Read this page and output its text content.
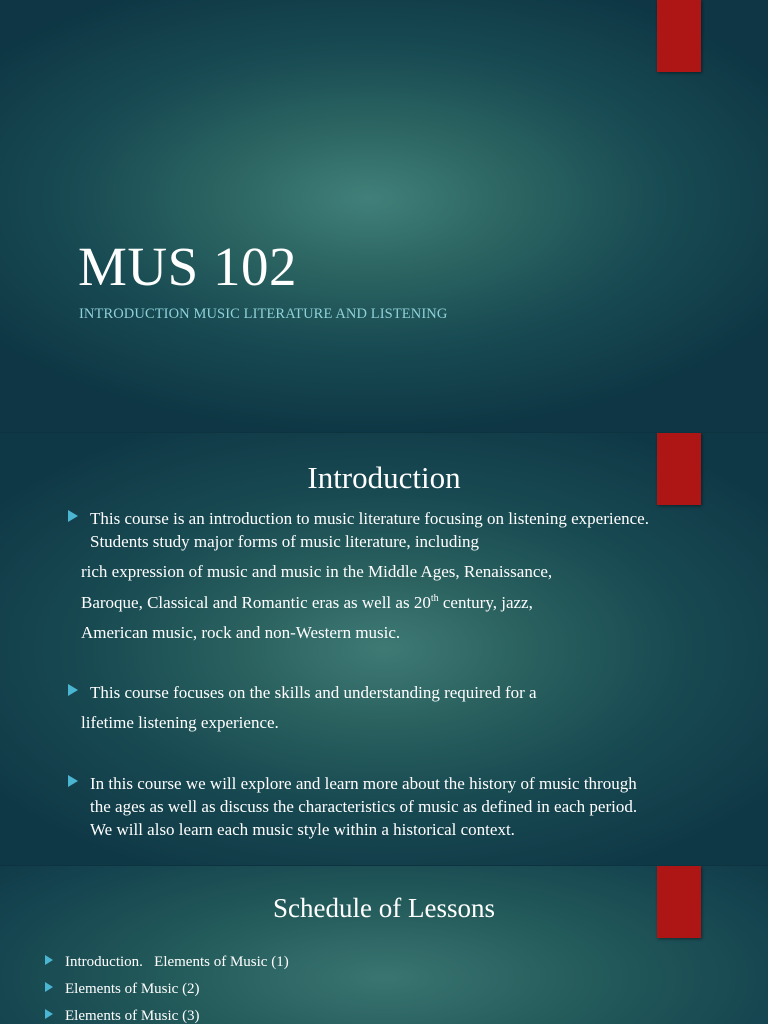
MUS 102
INTRODUCTION MUSIC LITERATURE AND LISTENING
Introduction
This course is an introduction to music literature focusing on listening experience.
Students study major forms of music literature, including
rich expression of music and music in the Middle Ages, Renaissance,
Baroque, Classical and Romantic eras as well as 20th century, jazz,
American music, rock and non-Western music.
This course focuses on the skills and understanding required for a
lifetime listening experience.
In this course we will explore and learn more about the history of music through
the ages as well as discuss the characteristics of music as defined in each period.
We will also learn each music style within a historical context.
Schedule of Lessons
Introduction.   Elements of Music (1)
Elements of Music (2)
Elements of Music (3)
